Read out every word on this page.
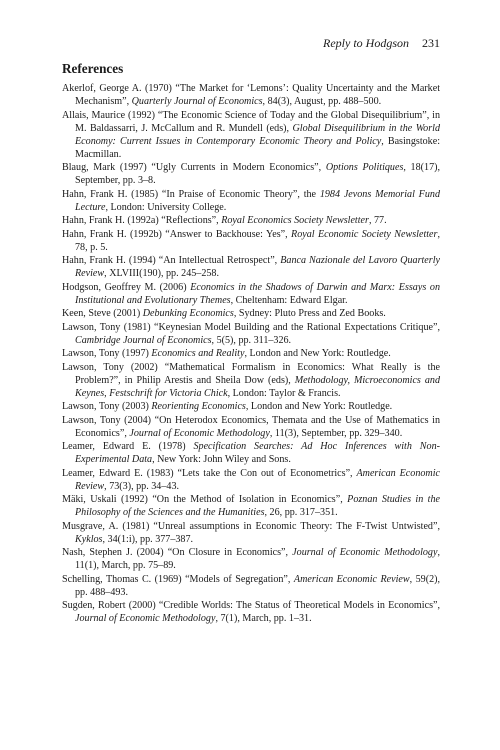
Reply to Hodgson 231
References
Akerlof, George A. (1970) “The Market for ‘Lemons’: Quality Uncertainty and the Market Mechanism”, Quarterly Journal of Economics, 84(3), August, pp. 488–500.
Allais, Maurice (1992) “The Economic Science of Today and the Global Disequilibrium”, in M. Baldassarri, J. McCallum and R. Mundell (eds), Global Disequilibrium in the World Economy: Current Issues in Contemporary Economic Theory and Policy, Basingstoke: Macmillan.
Blaug, Mark (1997) “Ugly Currents in Modern Economics”, Options Politiques, 18(17), September, pp. 3–8.
Hahn, Frank H. (1985) “In Praise of Economic Theory”, the 1984 Jevons Memorial Fund Lecture, London: University College.
Hahn, Frank H. (1992a) “Reflections”, Royal Economics Society Newsletter, 77.
Hahn, Frank H. (1992b) “Answer to Backhouse: Yes”, Royal Economic Society Newsletter, 78, p. 5.
Hahn, Frank H. (1994) “An Intellectual Retrospect”, Banca Nazionale del Lavoro Quarterly Review, XLVIII(190), pp. 245–258.
Hodgson, Geoffrey M. (2006) Economics in the Shadows of Darwin and Marx: Essays on Institutional and Evolutionary Themes, Cheltenham: Edward Elgar.
Keen, Steve (2001) Debunking Economics, Sydney: Pluto Press and Zed Books.
Lawson, Tony (1981) “Keynesian Model Building and the Rational Expectations Critique”, Cambridge Journal of Economics, 5(5), pp. 311–326.
Lawson, Tony (1997) Economics and Reality, London and New York: Routledge.
Lawson, Tony (2002) “Mathematical Formalism in Economics: What Really is the Problem?”, in Philip Arestis and Sheila Dow (eds), Methodology, Microeconomics and Keynes, Festschrift for Victoria Chick, London: Taylor & Francis.
Lawson, Tony (2003) Reorienting Economics, London and New York: Routledge.
Lawson, Tony (2004) “On Heterodox Economics, Themata and the Use of Mathematics in Economics”, Journal of Economic Methodology, 11(3), September, pp. 329–340.
Leamer, Edward E. (1978) Specification Searches: Ad Hoc Inferences with Non-Experimental Data, New York: John Wiley and Sons.
Leamer, Edward E. (1983) “Lets take the Con out of Econometrics”, American Economic Review, 73(3), pp. 34–43.
Mäki, Uskali (1992) “On the Method of Isolation in Economics”, Poznan Studies in the Philosophy of the Sciences and the Humanities, 26, pp. 317–351.
Musgrave, A. (1981) “Unreal assumptions in Economic Theory: The F-Twist Untwisted”, Kyklos, 34(1:i), pp. 377–387.
Nash, Stephen J. (2004) “On Closure in Economics”, Journal of Economic Methodology, 11(1), March, pp. 75–89.
Schelling, Thomas C. (1969) “Models of Segregation”, American Economic Review, 59(2), pp. 488–493.
Sugden, Robert (2000) “Credible Worlds: The Status of Theoretical Models in Economics”, Journal of Economic Methodology, 7(1), March, pp. 1–31.
